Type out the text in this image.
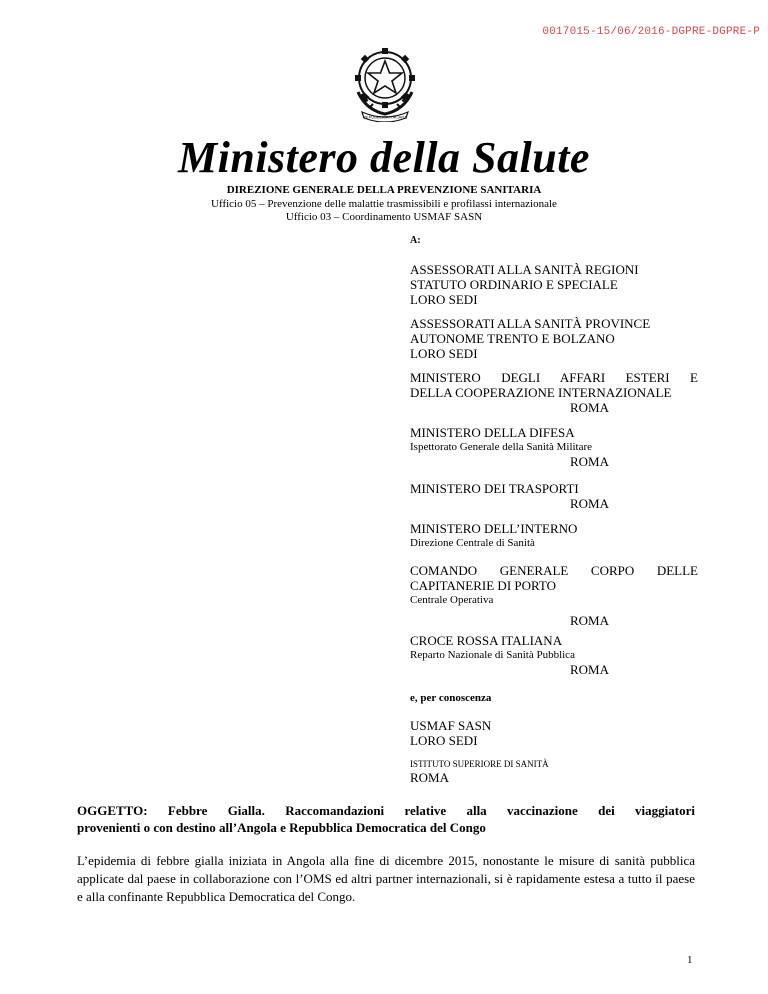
0017015-15/06/2016-DGPRE-DGPRE-P
REPUBBLICA ITALIANA
Ministero della Salute
DIREZIONE GENERALE DELLA PREVENZIONE SANITARIA
Ufficio 05 – Prevenzione delle malattie trasmissibili e profilassi internazionale
Ufficio 03 – Coordinamento USMAF SASN
A:
ASSESSORATI ALLA SANITÀ REGIONI
STATUTO ORDINARIO E SPECIALE
LORO SEDI
ASSESSORATI ALLA SANITÀ PROVINCE
AUTONOME TRENTO E BOLZANO
LORO SEDI
MINISTERO DEGLI AFFARI ESTERI E
DELLA COOPERAZIONE INTERNAZIONALE
ROMA
MINISTERO DELLA DIFESA
Ispettorato Generale della Sanità Militare
ROMA
MINISTERO DEI TRASPORTI
ROMA
MINISTERO DELL’INTERNO
Direzione Centrale di Sanità
COMANDO GENERALE CORPO DELLE
CAPITANERIE DI PORTO
Centrale Operativa
ROMA
CROCE ROSSA ITALIANA
Reparto Nazionale di Sanità Pubblica
ROMA
e, per conoscenza
USMAF SASN
LORO SEDI
ISTITUTO SUPERIORE DI SANITÀ
ROMA
OGGETTO: Febbre Gialla. Raccomandazioni relative alla vaccinazione dei viaggiatori
provenienti o con destino all’Angola e Repubblica Democratica del Congo
L’epidemia di febbre gialla iniziata in Angola alla fine di dicembre 2015, nonostante le misure di sanità pubblica applicate dal paese in collaborazione con l’OMS ed altri partner internazionali, si è rapidamente estesa a tutto il paese e alla confinante Repubblica Democratica del Congo.
1
